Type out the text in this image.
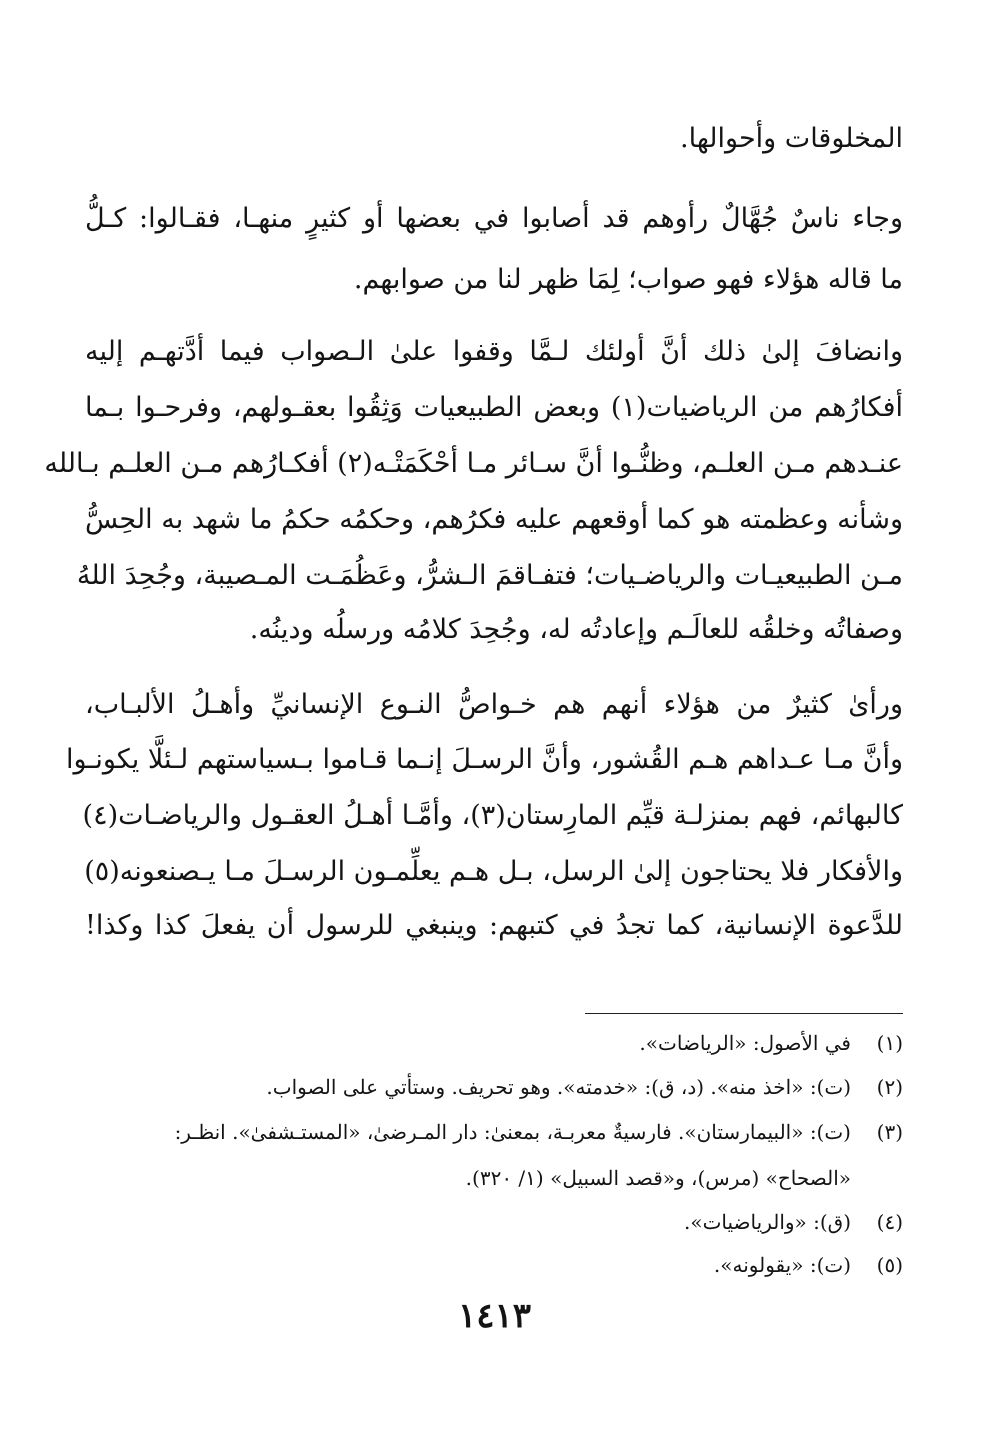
المخلوقات وأحوالها.
وجاء ناسٌ جُهَّالٌ رأوهم قد أصابوا في بعضها أو كثيرٍ منهـا، فقـالوا: كـلُّ
ما قاله هؤلاء فهو صواب؛ لِمَا ظهر لنا من صوابهم.
وانضافَ إلىٰ ذلك أنَّ أولئك لـمَّا وقفوا علىٰ الـصواب فيما أدَّتهـم إليه
أفكارُهم من الرياضيات(١) وبعض الطبيعيات وَثِقُوا بعقـولهم، وفرحـوا بـما
عنـدهم مـن العلـم، وظنُّـوا أنَّ سـائر مـا أحْكَمَتْـه(٢) أفكـارُهم مـن العلـم بـالله
وشأنه وعظمته هو كما أوقعهم عليه فكرُهم، وحكمُه حكمُ ما شهد به الحِسُّ
مـن الطبيعيـات والرياضـيات؛ فتفـاقمَ الـشرُّ، وعَظُمَـت المـصيبة، وجُحِدَ اللهُ
وصفاتُه وخلقُه للعالَـم وإعادتُه له، وجُحِدَ كلامُه ورسلُه ودينُه.
ورأىٰ كثيرٌ من هؤلاء أنهم هم خـواصُّ النـوع الإنسانيِّ وأهـلُ الألبـاب،
وأنَّ مـا عـداهم هـم القُشور، وأنَّ الرسـلَ إنـما قـاموا بـسياستهم لـئلَّا يكونـوا
كالبهائم، فهم بمنزلـة قيِّم المارِستان(٣)، وأمَّـا أهـلُ العقـول والرياضـات(٤)
والأفكار فلا يحتاجون إلىٰ الرسل، بـل هـم يعلِّمـون الرسـلَ مـا يـصنعونه(٥)
للدَّعوة الإنسانية، كما تجدُ في كتبهم: وينبغي للرسول أن يفعلَ كذا وكذا!
(١)في الأصول: «الرياضات».
(٢)(ت): «اخذ منه». (د، ق): «خدمته». وهو تحريف. وستأتي على الصواب.
(٣)(ت): «البيمارستان». فارسيةٌ معربـة، بمعنىٰ: دار المـرضىٰ، «المستـشفىٰ». انظـر:
«الصحاح» (مرس)، و«قصد السبيل» (١/ ٣٢٠).
(٤)(ق): «والرياضيات».
(٥)(ت): «يقولونه».
١٤١٣
